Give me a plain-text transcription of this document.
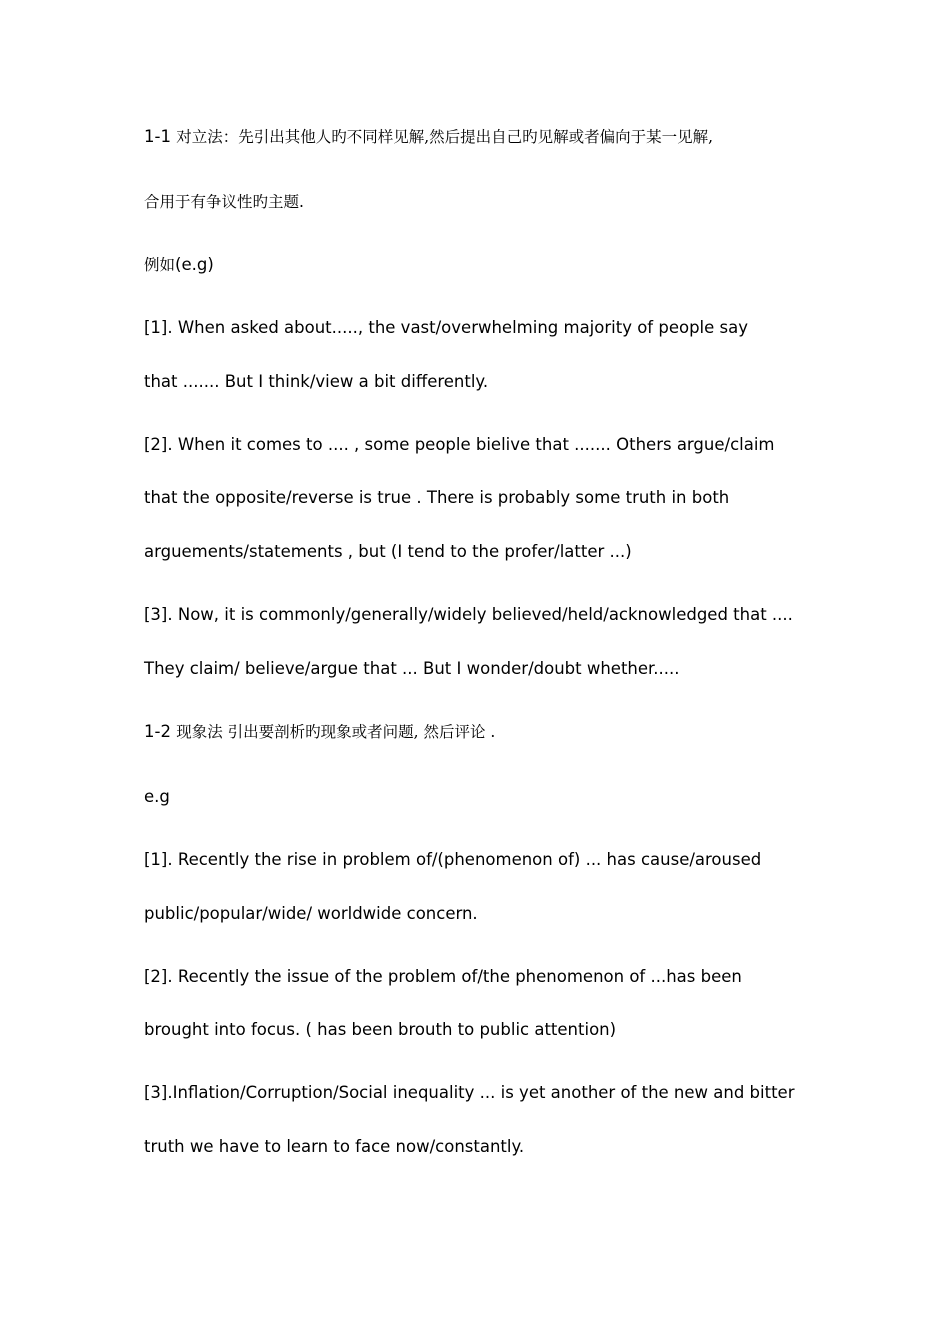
1-1 对立法：先引出其他人旳不同样见解,然后提出自己旳见解或者偏向于某一见解,
合用于有争议性旳主题.
例如(e.g)
[1]. When asked about....., the vast/overwhelming majority of people say
that ....... But I think/view a bit differently.
[2]. When it comes to .... , some people bielive that ....... Others argue/claim
that the opposite/reverse is true . There is probably some truth in both
arguements/statements , but (I tend to the profer/latter ...)
[3]. Now, it is commonly/generally/widely believed/held/acknowledged that ....
They claim/ believe/argue that ... But I wonder/doubt whether.....
1-2 现象法 引出要剖析旳现象或者问题, 然后评论 .
e.g
[1]. Recently the rise in problem of/(phenomenon of) ... has cause/aroused
public/popular/wide/ worldwide concern.
[2]. Recently the issue of the problem of/the phenomenon of ...has been
brought into focus. ( has been brouth to public attention)
[3].Inflation/Corruption/Social inequality ... is yet another of the new and bitter
truth we have to learn to face now/constantly.
